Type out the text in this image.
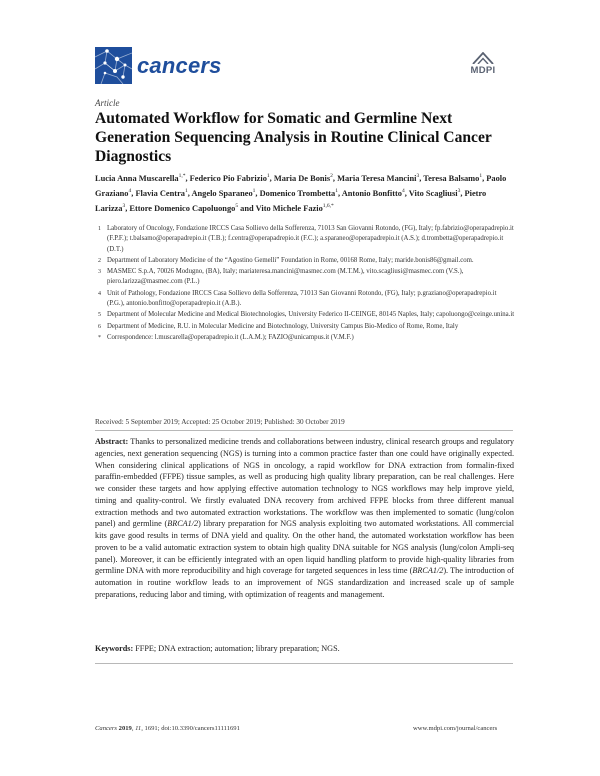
cancers	MDPI
Article
Automated Workflow for Somatic and Germline Next Generation Sequencing Analysis in Routine Clinical Cancer Diagnostics
Lucia Anna Muscarella$^{1,*}$, Federico Pio Fabrizio$^1$, Maria De Bonis$^2$, Maria Teresa Mancini$^3$, Teresa Balsamo$^1$, Paolo Graziano$^4$, Flavia Centra$^1$, Angelo Sparaneo$^1$, Domenico Trombetta$^1$, Antonio Bonfitto$^4$, Vito Scagliusi$^3$, Pietro Larizza$^3$, Ettore Domenico Capoluongo$^5$ and Vito Michele Fazio$^{1,6,*}$
1 Laboratory of Oncology, Fondazione IRCCS Casa Sollievo della Sofferenza, 71013 San Giovanni Rotondo, (FG), Italy; fp.fabrizio@operapadrepio.it (F.P.F.); t.balsamo@operapadrepio.it (T.B.); f.centra@operapadrepio.it (F.C.); a.sparaneo@operapadrepio.it (A.S.); d.trombetta@operapadrepio.it (D.T.)
2 Department of Laboratory Medicine of the “Agostino Gemelli” Foundation in Rome, 00168 Rome, Italy; maride.bonis86@gmail.com.
3 MASMEC S.p.A, 70026 Modugno, (BA), Italy; mariateresa.mancini@masmec.com (M.T.M.), vito.scagliusi@masmec.com (V.S.), piero.larizza@masmec.com (P.L.)
4 Unit of Pathology, Fondazione IRCCS Casa Sollievo della Sofferenza, 71013 San Giovanni Rotondo, (FG), Italy; p.graziano@operapadrepio.it (P.G.), antonio.bonfitto@operapadrepio.it (A.B.).
5 Department of Molecular Medicine and Medical Biotechnologies, University Federico II-CEINGE, 80145 Naples, Italy; capoluongo@ceinge.unina.it
6 Department of Medicine, R.U. in Molecular Medicine and Biotechnology, University Campus Bio-Medico of Rome, Rome, Italy
* Correspondence: l.muscarella@operapadrepio.it (L.A.M.); FAZIO@unicampus.it (V.M.F.)
Received: 5 September 2019; Accepted: 25 October 2019; Published: 30 October 2019
Abstract: Thanks to personalized medicine trends and collaborations between industry, clinical research groups and regulatory agencies, next generation sequencing (NGS) is turning into a common practice faster than one could have originally expected. When considering clinical applications of NGS in oncology, a rapid workflow for DNA extraction from formalin-fixed paraffin-embedded (FFPE) tissue samples, as well as producing high quality library preparation, can be real challenges. Here we consider these targets and how applying effective automation technology to NGS workflows may help improve yield, timing and quality-control. We firstly evaluated DNA recovery from archived FFPE blocks from three different manual extraction methods and two automated extraction workstations. The workflow was then implemented to somatic (lung/colon panel) and germline (BRCA1/2) library preparation for NGS analysis exploiting two automated workstations. All commercial kits gave good results in terms of DNA yield and quality. On the other hand, the automated workstation workflow has been proven to be a valid automatic extraction system to obtain high quality DNA suitable for NGS analysis (lung/colon Ampli-seq panel). Moreover, it can be efficiently integrated with an open liquid handling platform to provide high-quality libraries from germline DNA with more reproducibility and high coverage for targeted sequences in less time (BRCA1/2). The introduction of automation in routine workflow leads to an improvement of NGS standardization and increased scale up of sample preparations, reducing labor and timing, with optimization of reagents and management.
Keywords: FFPE; DNA extraction; automation; library preparation; NGS.
Cancers 2019, 11, 1691; doi:10.3390/cancers11111691	www.mdpi.com/journal/cancers
